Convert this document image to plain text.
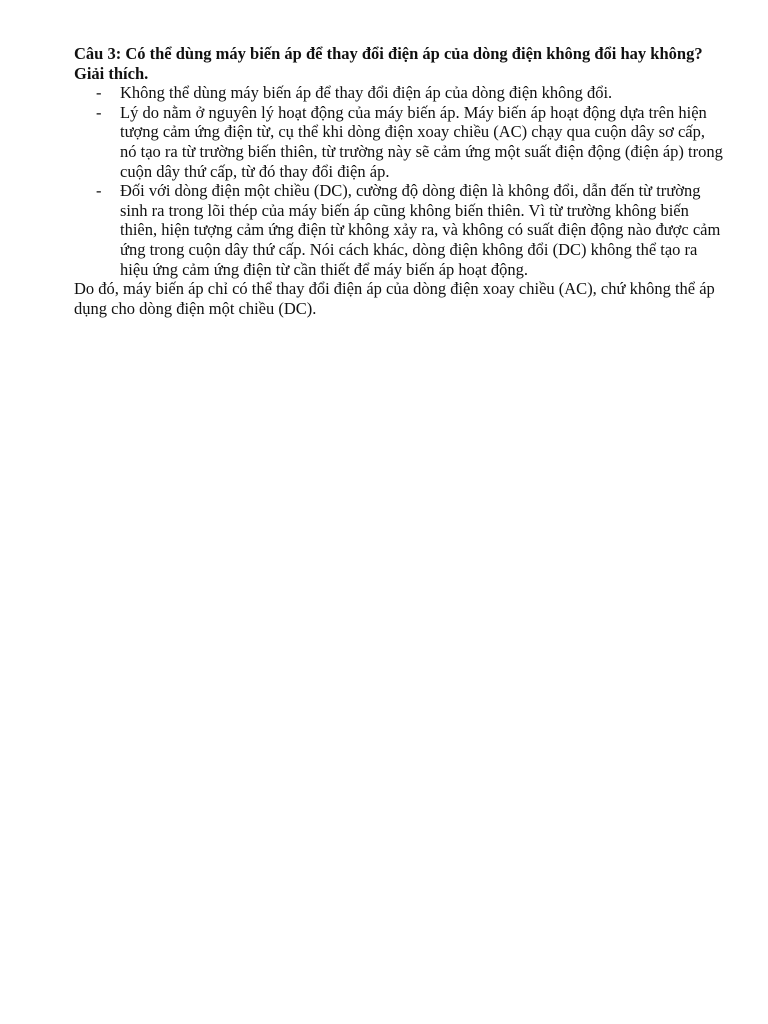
Câu 3: Có thể dùng máy biến áp để thay đổi điện áp của dòng điện không đổi hay không? Giải thích.

- Không thể dùng máy biến áp để thay đổi điện áp của dòng điện không đổi.
- Lý do nằm ở nguyên lý hoạt động của máy biến áp. Máy biến áp hoạt động dựa trên hiện tượng cảm ứng điện từ, cụ thể khi dòng điện xoay chiều (AC) chạy qua cuộn dây sơ cấp, nó tạo ra từ trường biến thiên, từ trường này sẽ cảm ứng một suất điện động (điện áp) trong cuộn dây thứ cấp, từ đó thay đổi điện áp.
- Đối với dòng điện một chiều (DC), cường độ dòng điện là không đổi, dẫn đến từ trường sinh ra trong lõi thép của máy biến áp cũng không biến thiên. Vì từ trường không biến thiên, hiện tượng cảm ứng điện từ không xảy ra, và không có suất điện động nào được cảm ứng trong cuộn dây thứ cấp. Nói cách khác, dòng điện không đổi (DC) không thể tạo ra hiệu ứng cảm ứng điện từ cần thiết để máy biến áp hoạt động.

Do đó, máy biến áp chỉ có thể thay đổi điện áp của dòng điện xoay chiều (AC), chứ không thể áp dụng cho dòng điện một chiều (DC).
